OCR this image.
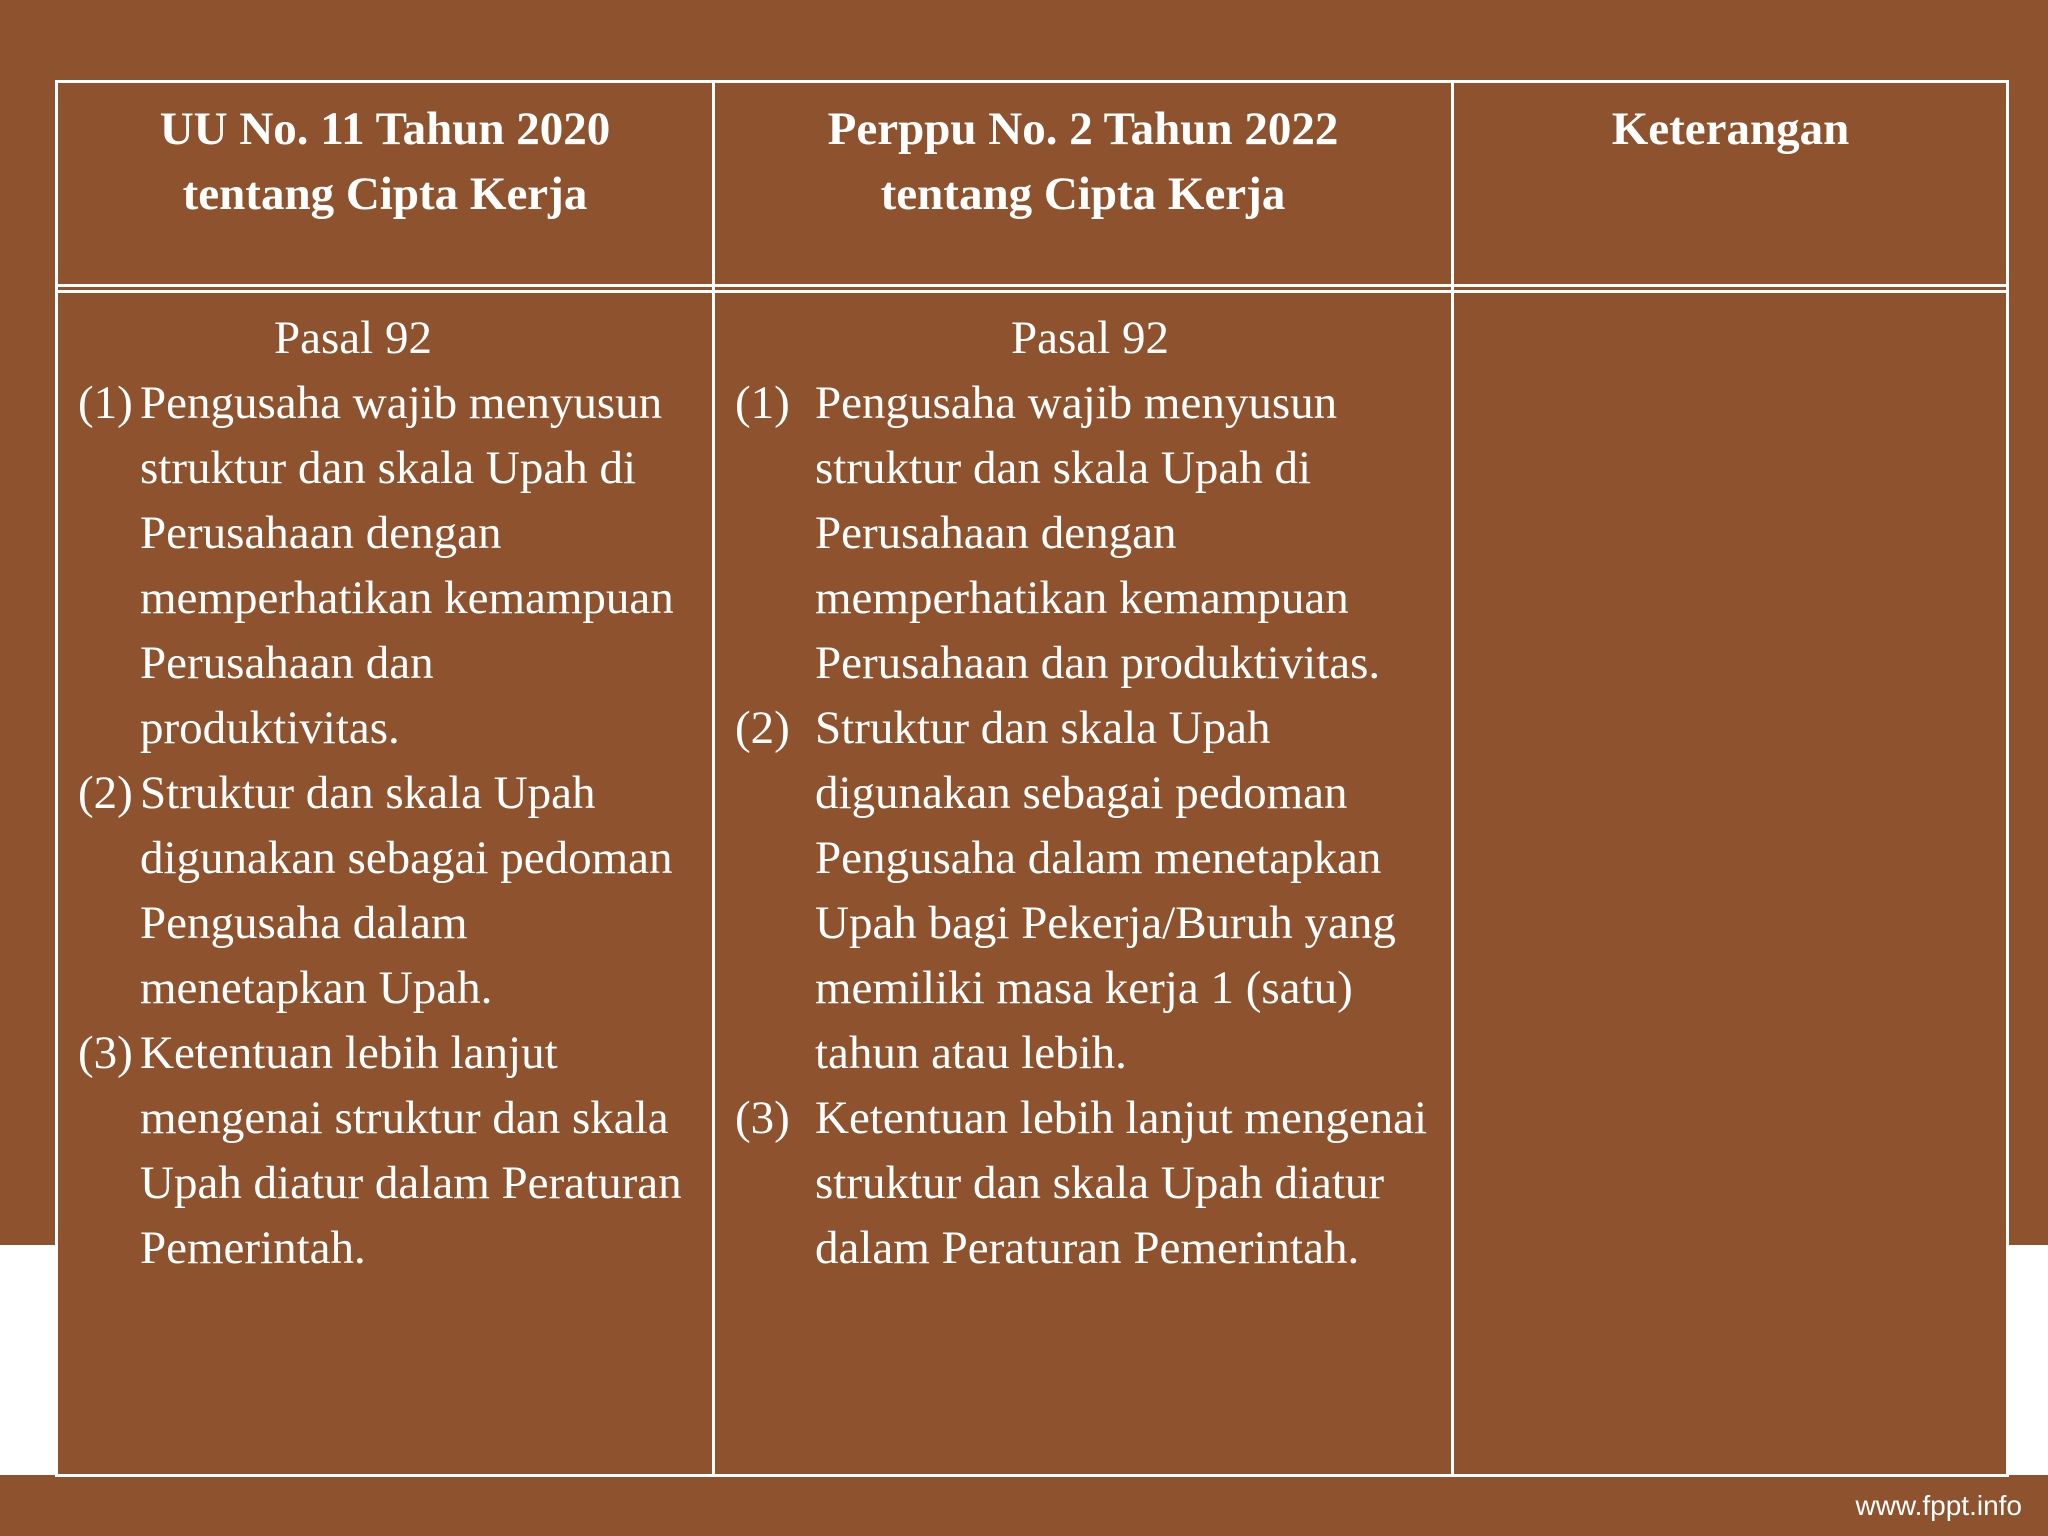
www.fppt.info
UU No. 11 Tahun 2020
tentang Cipta Kerja
Perppu No. 2 Tahun 2022
tentang Cipta Kerja
Keterangan
Pasal 92
(1) Pengusaha wajib menyusun struktur dan skala Upah di Perusahaan dengan memperhatikan kemampuan Perusahaan dan produktivitas.
(2) Struktur dan skala Upah digunakan sebagai pedoman Pengusaha dalam menetapkan Upah.
(3) Ketentuan lebih lanjut mengenai struktur dan skala Upah diatur dalam Peraturan Pemerintah.
Pasal 92
(1) Pengusaha wajib menyusun struktur dan skala Upah di Perusahaan dengan memperhatikan kemampuan Perusahaan dan produktivitas.
(2) Struktur dan skala Upah digunakan sebagai pedoman Pengusaha dalam menetapkan Upah bagi Pekerja/Buruh yang memiliki masa kerja 1 (satu) tahun atau lebih.
(3) Ketentuan lebih lanjut mengenai struktur dan skala Upah diatur dalam Peraturan Pemerintah.
